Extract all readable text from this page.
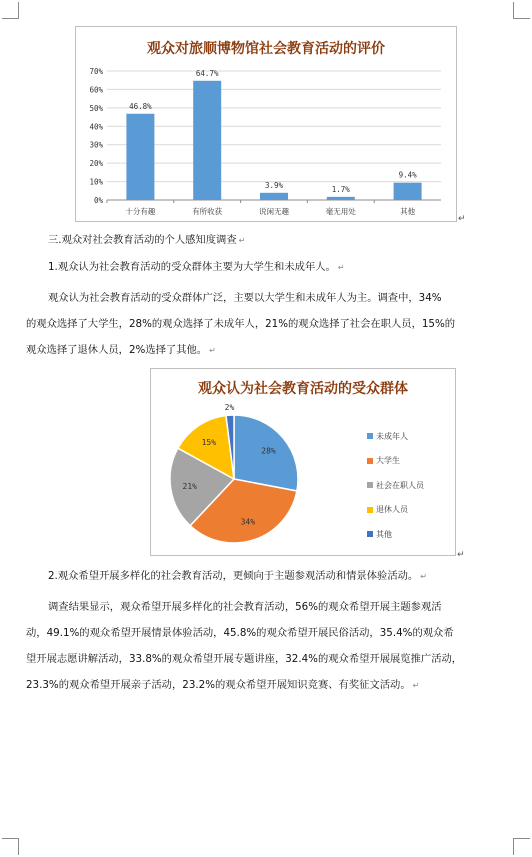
观众对旅顺博物馆社会教育活动的评价
0%
10%
20%
30%
40%
50%
60%
70%
46.8%
十分有趣
64.7%
有所收获
3.9%
说闲无趣
1.7%
毫无用处
9.4%
其他
↵
三.观众对社会教育活动的个人感知度调查 ↵
1.观众认为社会教育活动的受众群体主要为大学生和未成年人。 ↵
观众认为社会教育活动的受众群体广泛，主要以大学生和未成年人为主。调查中，34%
的观众选择了大学生，28%的观众选择了未成年人，21%的观众选择了社会在职人员，15%的
观众选择了退休人员，2%选择了其他。 ↵
观众认为社会教育活动的受众群体
28%
34%
21%
15%
2%
未成年人
大学生
社会在职人员
退休人员
其他
↵
2.观众希望开展多样化的社会教育活动，更倾向于主题参观活动和情景体验活动。 ↵
调查结果显示，观众希望开展多样化的社会教育活动，56%的观众希望开展主题参观活
动，49.1%的观众希望开展情景体验活动，45.8%的观众希望开展民俗活动，35.4%的观众希
望开展志愿讲解活动，33.8%的观众希望开展专题讲座，32.4%的观众希望开展展览推广活动，
23.3%的观众希望开展亲子活动，23.2%的观众希望开展知识竞赛、有奖征文活动。 ↵
